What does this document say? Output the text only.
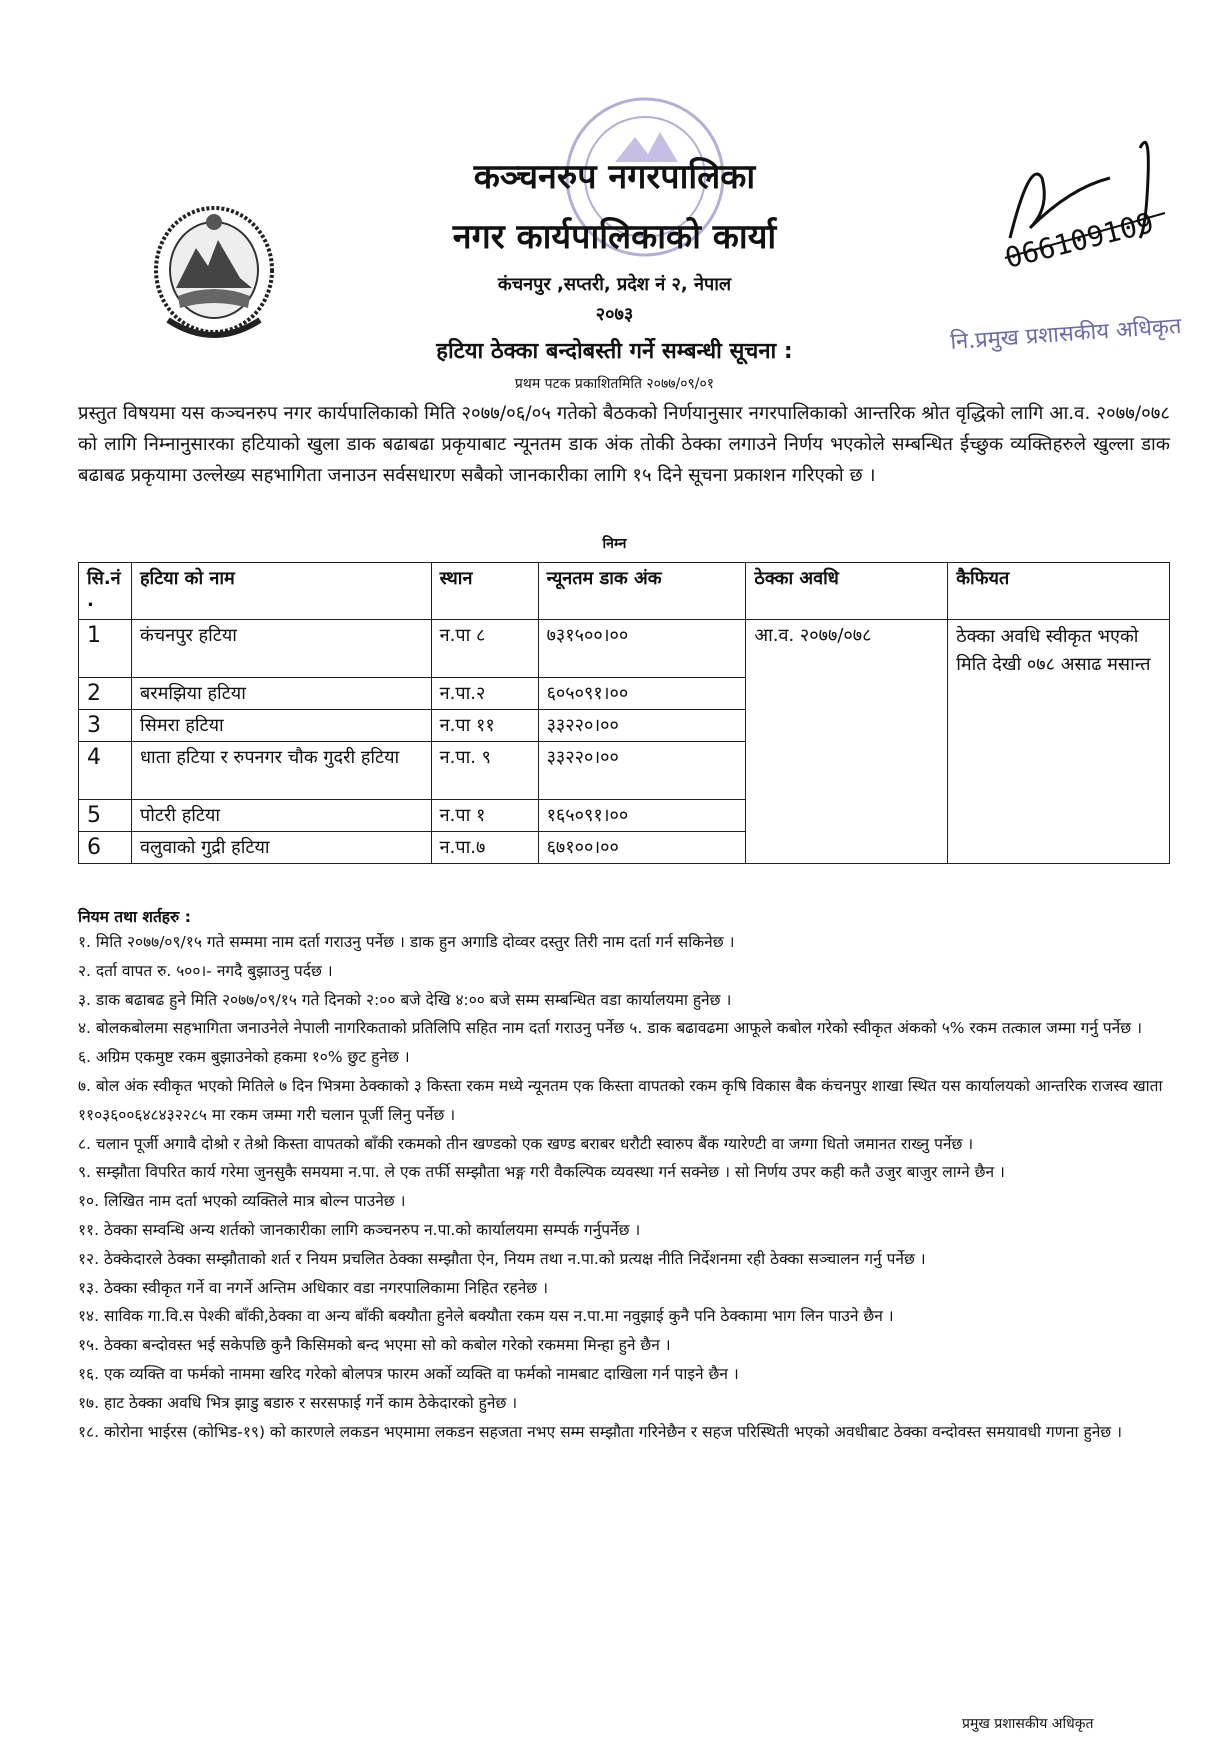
066109109
नि.प्रमुख प्रशासकीय अधिकृत
कञ्चनरुप नगरपालिका
नगर कार्यपालिकाको कार्या
कंचनपुर ,सप्तरी, प्रदेश नं २, नेपाल
२०७३
हटिया ठेक्का बन्दोबस्ती गर्ने सम्बन्धी सूचना :
प्रथम पटक प्रकाशितमिति २०७७/०९/०१
प्रस्तुत विषयमा यस कञ्चनरुप नगर कार्यपालिकाको मिति २०७७/०६/०५ गतेको बैठकको निर्णयानुसार नगरपालिकाको आन्तरिक श्रोत वृद्धिको लागि आ.व. २०७७/०७८ को लागि निम्नानुसारका हटियाको खुला डाक बढाबढा प्रकृयाबाट न्यूनतम डाक अंक तोकी ठेक्का लगाउने निर्णय भएकोले सम्बन्धित ईच्छुक व्यक्तिहरुले खुल्ला डाक बढाबढ प्रकृयामा उल्लेख्य सहभागिता जनाउन सर्वसधारण सबैको जानकारीका लागि १५ दिने सूचना प्रकाशन गरिएको छ ।
निम्न
सि.नं .	हटिया को नाम	स्थान	न्यूनतम डाक अंक	ठेक्का अवधि	कैफियत
1	कंचनपुर हटिया	न.पा ८	७३१५००।००	आ.व. २०७७/०७८	ठेक्का अवधि स्वीकृत भएको मिति देखी ०७८ असाढ मसान्त
2	बरमझिया हटिया	न.पा.२	६०५०९१।००		
3	सिमरा हटिया	न.पा ११	३३२२०।००		
4	धाता हटिया र रुपनगर चौक गुदरी हटिया	न.पा. ९	३३२२०।००		
5	पोटरी हटिया	न.पा १	१६५०९१।००		
6	वलुवाको गुद्री हटिया	न.पा.७	६७१००।००		
नियम तथा शर्तहरु :
१. मिति २०७७/०९/१५ गते सम्ममा नाम दर्ता गराउनु पर्नेछ । डाक हुन अगाडि दोव्वर दस्तुर तिरी नाम दर्ता गर्न सकिनेछ ।
२. दर्ता वापत रु. ५००।- नगदै बुझाउनु पर्दछ ।
३. डाक बढाबढ हुने मिति २०७७/०९/१५ गते दिनको २:०० बजे देखि ४:०० बजे सम्म सम्बन्धित वडा कार्यालयमा हुनेछ ।
४. बोलकबोलमा सहभागिता जनाउनेले नेपाली नागरिकताको प्रतिलिपि सहित नाम दर्ता गराउनु पर्नेछ ५. डाक बढावढमा आफूले कबोल गरेको स्वीकृत अंकको ५% रकम तत्काल जम्मा गर्नु पर्नेछ ।
६. अग्रिम एकमुष्ट रकम बुझाउनेको हकमा १०% छुट हुनेछ ।
७. बोल अंक स्वीकृत भएको मितिले ७ दिन भित्रमा ठेक्काको ३ किस्ता रकम मध्ये न्यूनतम एक किस्ता वापतको रकम कृषि विकास बैक कंचनपुर शाखा स्थित यस कार्यालयको आन्तरिक राजस्व खाता ११०३६००६४८४३२२८५ मा रकम जम्मा गरी चलान पूर्जी लिनु पर्नेछ ।
८. चलान पूर्जी अगावै दोश्रो र तेश्रो किस्ता वापतको बाँकी रकमको तीन खण्डको एक खण्ड बराबर धरौटी स्वारुप बैंक ग्यारेण्टी वा जग्गा धितो जमानत राख्नु पर्नेछ ।
९. सम्झौता विपरित कार्य गरेमा जुनसुकै समयमा न.पा. ले एक तर्फी सम्झौता भङ्ग गरी वैकल्पिक व्यवस्था गर्न सक्नेछ । सो निर्णय उपर कही कतै उजुर बाजुर लाग्ने छैन ।
१०. लिखित नाम दर्ता भएको व्यक्तिले मात्र बोल्न पाउनेछ ।
११. ठेक्का सम्वन्धि अन्य शर्तको जानकारीका लागि कञ्चनरुप न.पा.को कार्यालयमा सम्पर्क गर्नुपर्नेछ ।
१२. ठेक्केदारले ठेक्का सम्झौताको शर्त र नियम प्रचलित ठेक्का सम्झौता ऐन, नियम तथा न.पा.को प्रत्यक्ष नीति निर्देशनमा रही ठेक्का सञ्चालन गर्नु पर्नेछ ।
१३. ठेक्का स्वीकृत गर्ने वा नगर्ने अन्तिम अधिकार वडा नगरपालिकामा निहित रहनेछ ।
१४. साविक गा.वि.स पेश्की बाँकी,ठेक्का वा अन्य बाँकी बक्यौता हुनेले बक्यौता रकम यस न.पा.मा नवुझाई कुनै पनि ठेक्कामा भाग लिन पाउने छैन ।
१५. ठेक्का बन्दोवस्त भई सकेपछि कुनै किसिमको बन्द भएमा सो को कबोल गरेको रकममा मिन्हा हुने छैन ।
१६. एक व्यक्ति वा फर्मको नाममा खरिद गरेको बोलपत्र फारम अर्को व्यक्ति वा फर्मको नामबाट दाखिला गर्न पाइने छैन ।
१७. हाट ठेक्का अवधि भित्र झाडु बडारु र सरसफाई गर्ने काम ठेकेदारको हुनेछ ।
१८. कोरोना भाईरस (कोभिड-१९) को कारणले लकडन भएमामा लकडन सहजता नभए सम्म सम्झौता गरिनेछैन र सहज परिस्थिती भएको अवधीबाट ठेक्का वन्दोवस्त समयावधी गणना हुनेछ ।
प्रमुख प्रशासकीय अधिकृत
